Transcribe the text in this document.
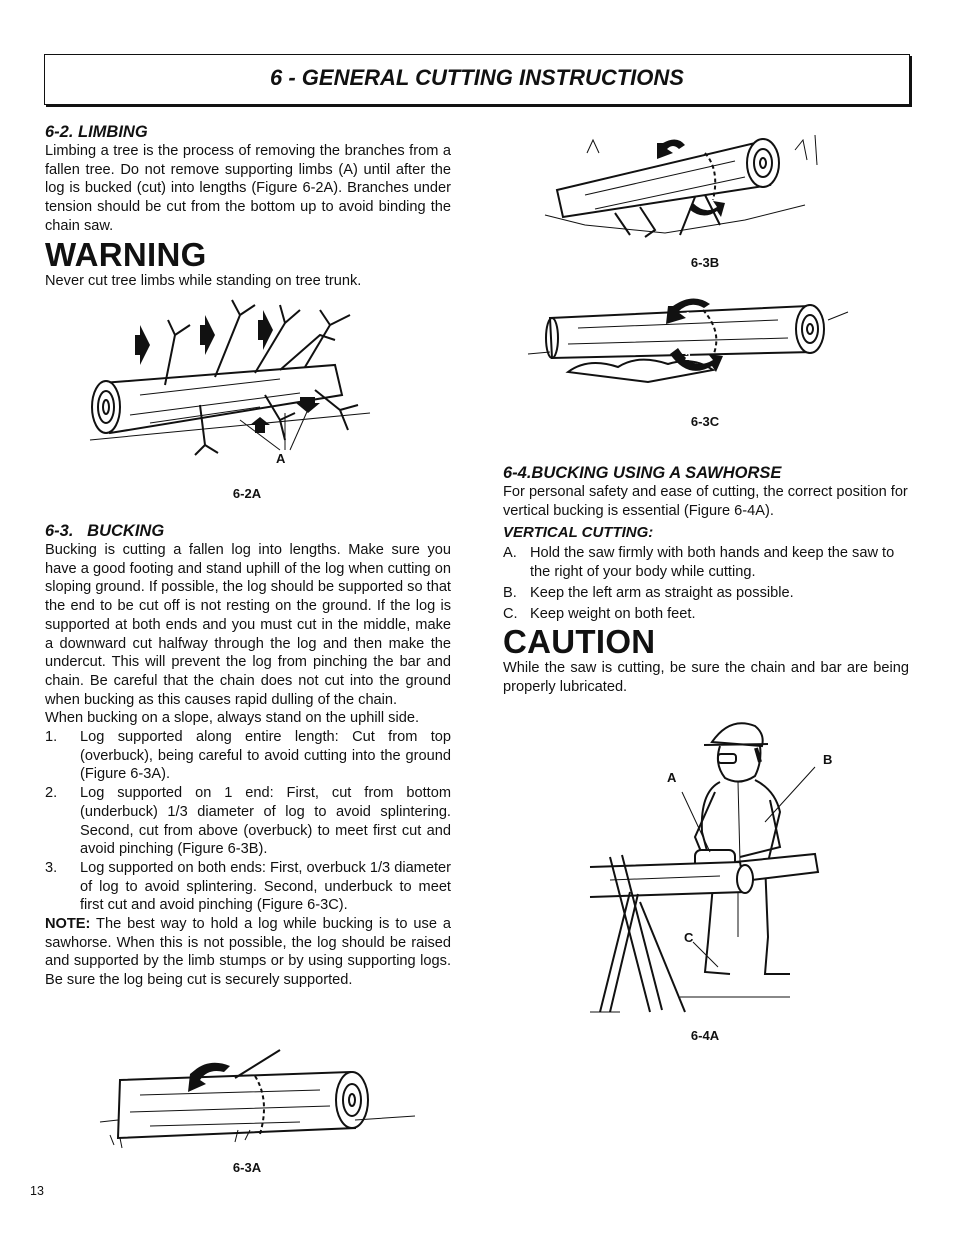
6 - GENERAL CUTTING INSTRUCTIONS
6-2. LIMBING

Limbing a tree is the process of removing the branches from a fallen tree. Do not remove supporting limbs (A) until after the log is bucked (cut) into lengths (Figure 6-2A). Branches under tension should be cut from the bottom up to avoid binding the chain saw.

WARNING

Never cut tree limbs while standing on tree trunk.

A
6-2A
6-3.   BUCKING

Bucking is cutting a fallen log into lengths. Make sure you have a good footing and stand uphill of the log when cutting on sloping ground. If possible, the log should be supported so that the end to be cut off is not resting on the ground. If the log is supported at both ends and you must cut in the middle, make a downward cut halfway through the log and then make the undercut. This will prevent the log from pinching the bar and chain. Be careful that the chain does not cut into the ground when bucking as this causes rapid dulling of the chain.

When bucking on a slope, always stand on the uphill side.

1. Log supported along entire length: Cut from top (overbuck), being careful to avoid cutting into the ground (Figure 6-3A).
2. Log supported on 1 end: First, cut from bottom (underbuck) 1/3 diameter of log to avoid splintering. Second, cut from above (overbuck) to meet first cut and avoid pinching (Figure 6-3B).
3. Log supported on both ends: First, overbuck 1/3 diameter of log to avoid splintering. Second, underbuck to meet first cut and avoid pinching (Figure 6-3C).

NOTE: The best way to hold a log while bucking is to use a sawhorse. When this is not possible, the log should be raised and supported by the limb stumps or by using supporting logs. Be sure the log being cut is securely supported.

6-3A
2
6-3B
1
2
6-3C
6-4.BUCKING USING A SAWHORSE

For personal safety and ease of cutting, the correct position for vertical bucking is essential (Figure 6-4A).

VERTICAL CUTTING:
A. Hold the saw firmly with both hands and keep the saw to the right of your body while cutting.
B. Keep the left arm as straight as possible.
C. Keep weight on both feet.
CAUTION

While the saw is cutting, be sure the chain and bar are being properly lubricated.

A
B
C
6-4A
13
